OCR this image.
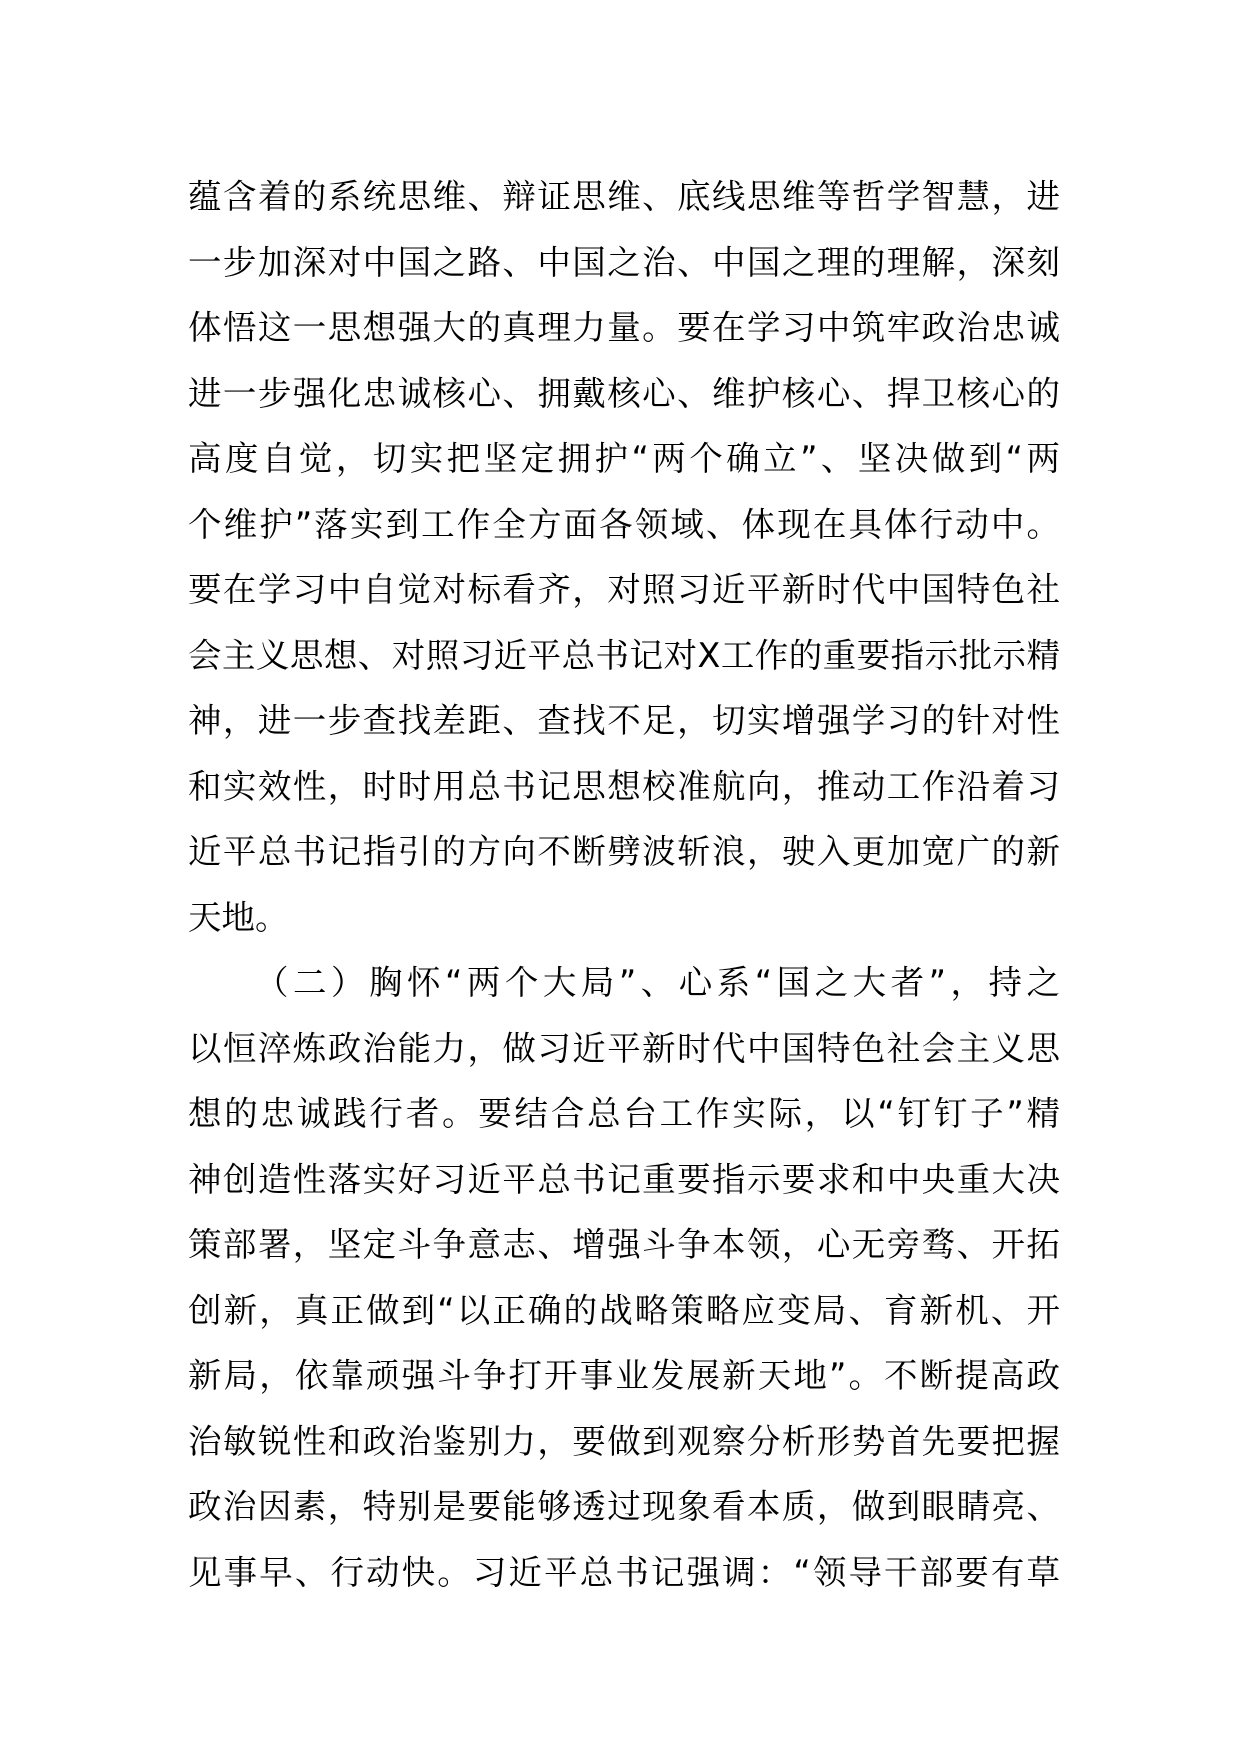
蕴含着的系统思维、辩证思维、底线思维等哲学智慧，进
一步加深对中国之路、中国之治、中国之理的理解，深刻
体悟这一思想强大的真理力量。要在学习中筑牢政治忠诚
进一步强化忠诚核心、拥戴核心、维护核心、捍卫核心的
高度自觉，切实把坚定拥护“两个确立”、坚决做到“两
个维护”落实到工作全方面各领域、体现在具体行动中。
要在学习中自觉对标看齐，对照习近平新时代中国特色社
会主义思想、对照习近平总书记对X工作的重要指示批示精
神，进一步查找差距、查找不足，切实增强学习的针对性
和实效性，时时用总书记思想校准航向，推动工作沿着习
近平总书记指引的方向不断劈波斩浪，驶入更加宽广的新
天地。
（二）胸怀“两个大局”、心系“国之大者”，持之
以恒淬炼政治能力，做习近平新时代中国特色社会主义思
想的忠诚践行者。要结合总台工作实际，以“钉钉子”精
神创造性落实好习近平总书记重要指示要求和中央重大决
策部署，坚定斗争意志、增强斗争本领，心无旁骛、开拓
创新，真正做到“以正确的战略策略应变局、育新机、开
新局，依靠顽强斗争打开事业发展新天地”。不断提高政
治敏锐性和政治鉴别力，要做到观察分析形势首先要把握
政治因素，特别是要能够透过现象看本质，做到眼睛亮、
见事早、行动快。习近平总书记强调：“领导干部要有草
